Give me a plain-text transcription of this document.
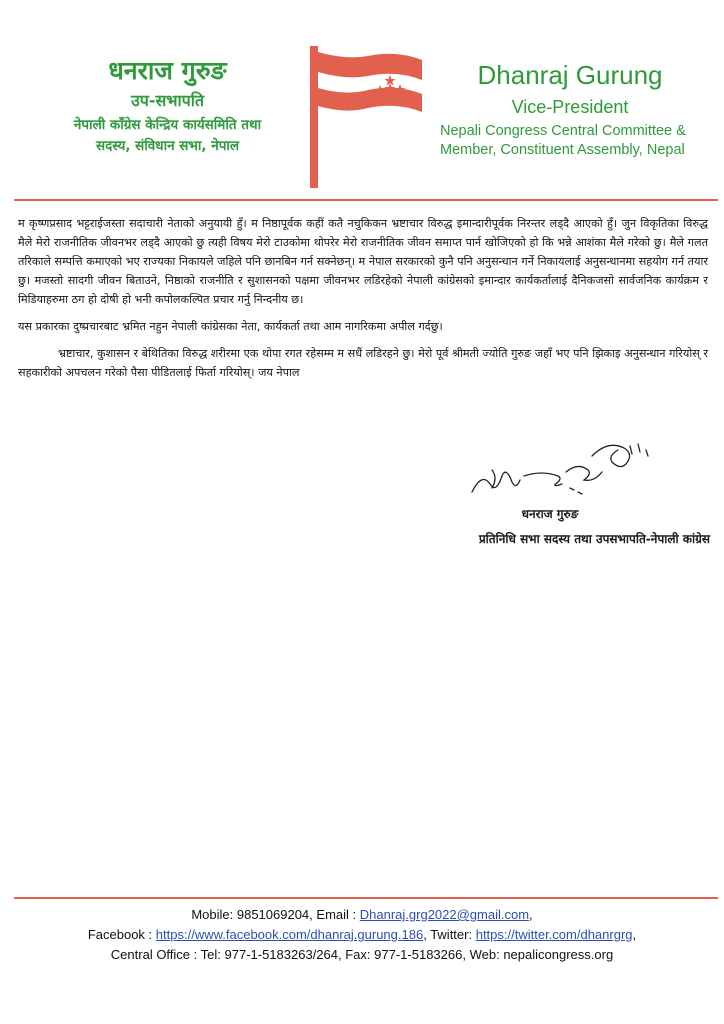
धनराज गुरुङ
उप-सभापति
नेपाली काँग्रेस केन्द्रिय कार्यसमिति तथा
सदस्य, संविधान सभा, नेपाल
Dhanraj Gurung
Vice-President
Nepali Congress Central Committee &
Member, Constituent Assembly, Nepal

म कृष्णप्रसाद भट्टराईजस्ता सदाचारी नेताको अनुयायी हुँ। म निष्ठापूर्वक कहीं कतै नचुकिकन भ्रष्टाचार विरुद्ध इमान्दारीपूर्वक निरन्तर लड्दै आएको हुँ। जुन विकृतिका विरुद्ध मैले मेरो राजनीतिक जीवनभर लड्दै आएको छु त्यही विषय मेरो टाउकोमा थोपरेर मेरो राजनीतिक जीवन समाप्त पार्न खोजिएको हो कि भन्ने आशंका मैले गरेको छु। मैले गलत तरिकाले सम्पत्ति कमाएको भए राज्यका निकायले जहिले पनि छानबिन गर्न सक्नेछन्। म नेपाल सरकारको कुनै पनि अनुसन्धान गर्ने निकायलाई अनुसन्धानमा सहयोग गर्न तयार छु। मजस्तो सादगी जीवन बिताउने, निष्ठाको राजनीति र सुशासनको पक्षमा जीवनभर लडिरहेको नेपाली कांग्रेसको इमान्दार कार्यकर्तालाई दैनिकजसो सार्वजनिक कार्यक्रम र मिडियाहरुमा ठग हो दोषी हो भनी कपोलकल्पित प्रचार गर्नु निन्दनीय छ।

यस प्रकारका दुष्प्रचारबाट भ्रमित नहुन नेपाली कांग्रेसका नेता, कार्यकर्ता तथा आम नागरिकमा अपील गर्दछु।

भ्रष्टाचार, कुशासन र बेथितिका विरुद्ध शरीरमा एक थोपा रगत रहेसम्म म सधैं लडिरहने छु। मेरो पूर्व श्रीमती ज्योति गुरुङ जहाँ भए पनि झिकाइ अनुसन्धान गरियोस् र सहकारीको अपचलन गरेको पैसा पीडितलाई फिर्ता गरियोस्। जय नेपाल

धनराज गुरुङ
प्रतिनिधि सभा सदस्य तथा उपसभापति-नेपाली कांग्रेस
Mobile: 9851069204, Email : Dhanraj.grg2022@gmail.com,
Facebook : https://www.facebook.com/dhanraj.gurung.186, Twitter: https://twitter.com/dhanrgrg,
Central Office : Tel: 977-1-5183263/264, Fax: 977-1-5183266, Web: nepalicongress.org
